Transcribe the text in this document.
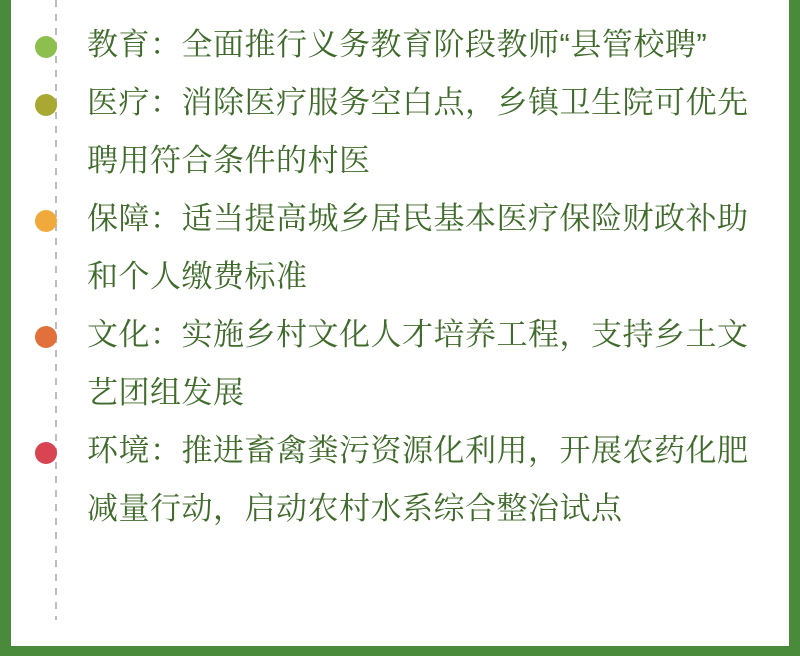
教育：全面推行义务教育阶段教师“县管校聘”
医疗：消除医疗服务空白点，乡镇卫生院可优先聘用符合条件的村医
保障：适当提高城乡居民基本医疗保险财政补助和个人缴费标准
文化：实施乡村文化人才培养工程，支持乡土文艺团组发展
环境：推进畜禽粪污资源化利用，开展农药化肥减量行动，启动农村水系综合整治试点
